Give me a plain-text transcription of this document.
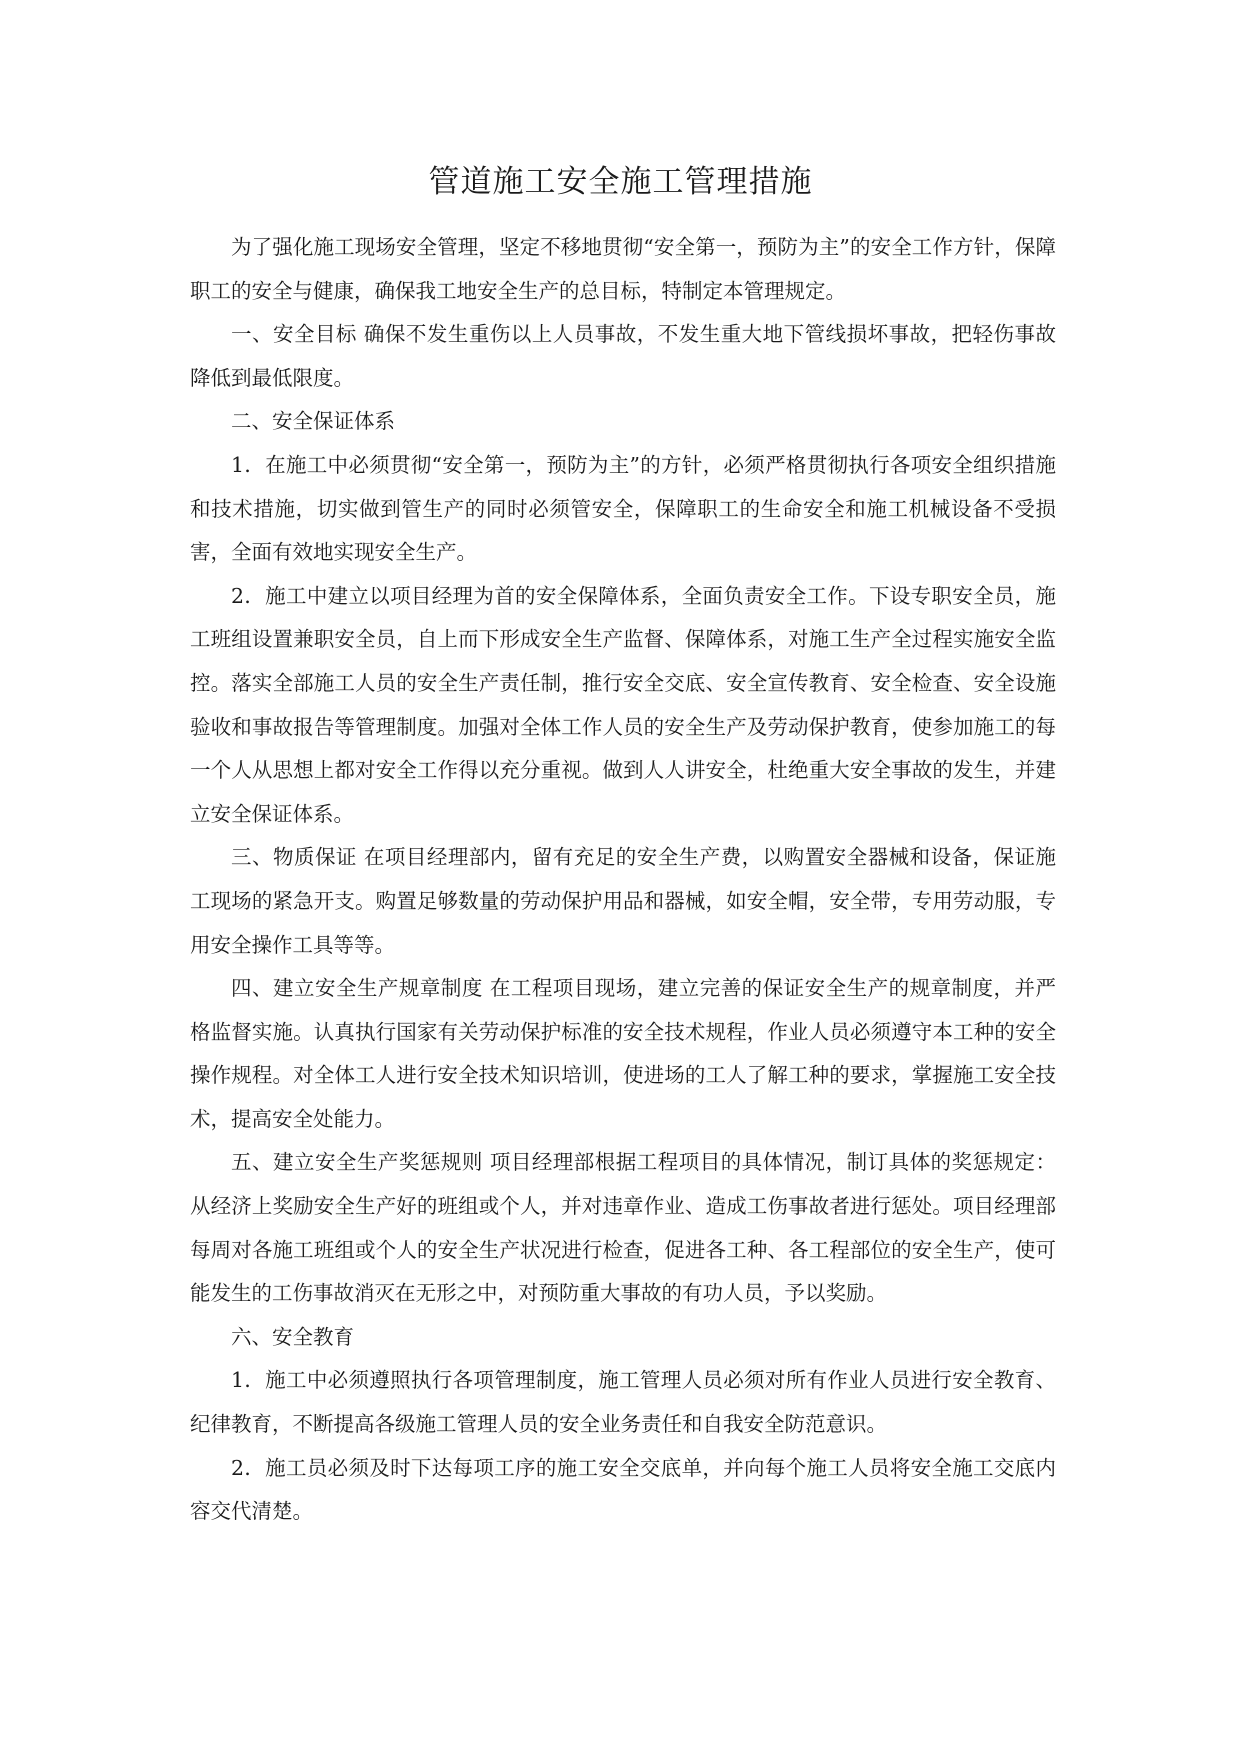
管道施工安全施工管理措施

为了强化施工现场安全管理，坚定不移地贯彻“安全第一，预防为主”的安全工作方针，保障职工的安全与健康，确保我工地安全生产的总目标，特制定本管理规定。

一、安全目标 确保不发生重伤以上人员事故，不发生重大地下管线损坏事故，把轻伤事故降低到最低限度。

二、安全保证体系

1．在施工中必须贯彻“安全第一，预防为主”的方针，必须严格贯彻执行各项安全组织措施和技术措施，切实做到管生产的同时必须管安全，保障职工的生命安全和施工机械设备不受损害，全面有效地实现安全生产。

2．施工中建立以项目经理为首的安全保障体系，全面负责安全工作。下设专职安全员，施工班组设置兼职安全员，自上而下形成安全生产监督、保障体系，对施工生产全过程实施安全监控。落实全部施工人员的安全生产责任制，推行安全交底、安全宣传教育、安全检查、安全设施验收和事故报告等管理制度。加强对全体工作人员的安全生产及劳动保护教育，使参加施工的每一个人从思想上都对安全工作得以充分重视。做到人人讲安全，杜绝重大安全事故的发生，并建立安全保证体系。

三、物质保证 在项目经理部内，留有充足的安全生产费，以购置安全器械和设备，保证施工现场的紧急开支。购置足够数量的劳动保护用品和器械，如安全帽，安全带，专用劳动服，专用安全操作工具等等。

四、建立安全生产规章制度 在工程项目现场，建立完善的保证安全生产的规章制度，并严格监督实施。认真执行国家有关劳动保护标准的安全技术规程，作业人员必须遵守本工种的安全操作规程。对全体工人进行安全技术知识培训，使进场的工人了解工种的要求，掌握施工安全技术，提高安全处能力。

五、建立安全生产奖惩规则 项目经理部根据工程项目的具体情况，制订具体的奖惩规定：从经济上奖励安全生产好的班组或个人，并对违章作业、造成工伤事故者进行惩处。项目经理部每周对各施工班组或个人的安全生产状况进行检查，促进各工种、各工程部位的安全生产，使可能发生的工伤事故消灭在无形之中，对预防重大事故的有功人员，予以奖励。

六、安全教育

1．施工中必须遵照执行各项管理制度，施工管理人员必须对所有作业人员进行安全教育、纪律教育，不断提高各级施工管理人员的安全业务责任和自我安全防范意识。

2．施工员必须及时下达每项工序的施工安全交底单，并向每个施工人员将安全施工交底内容交代清楚。
